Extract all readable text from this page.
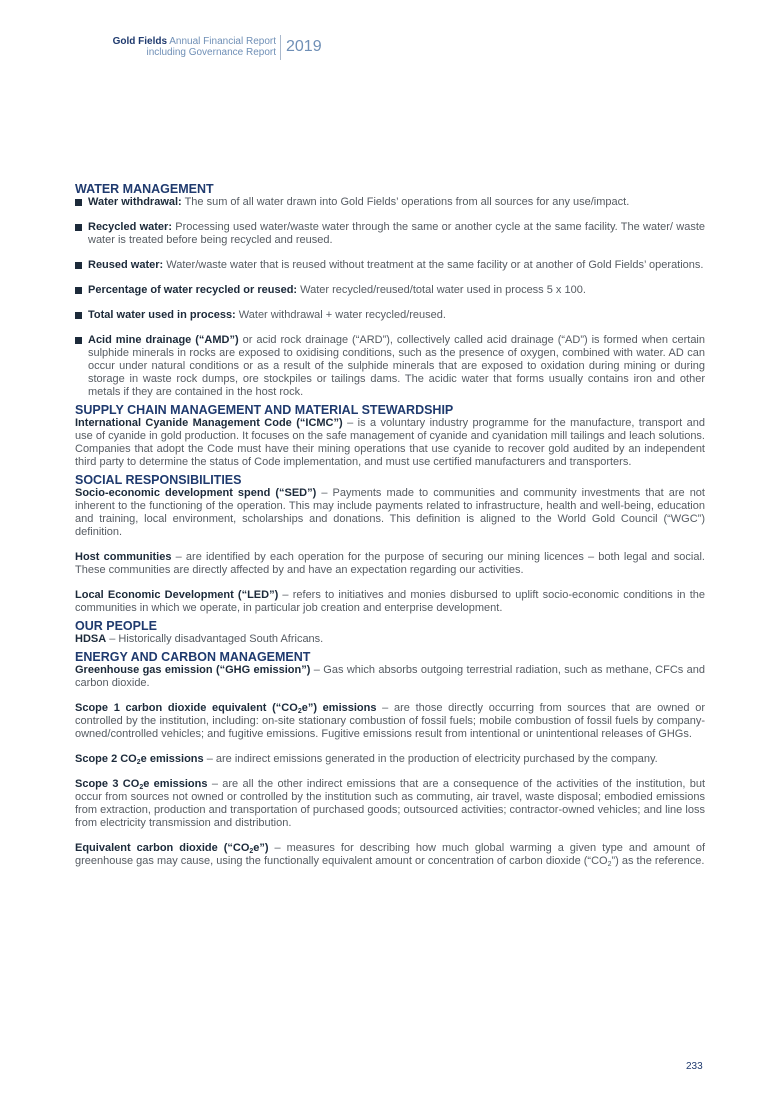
Gold Fields Annual Financial Report
including Governance Report 2019
WATER MANAGEMENT
Water withdrawal: The sum of all water drawn into Gold Fields’ operations from all sources for any use/impact.
Recycled water: Processing used water/waste water through the same or another cycle at the same facility. The water/ waste water is treated before being recycled and reused.
Reused water: Water/waste water that is reused without treatment at the same facility or at another of Gold Fields’ operations.
Percentage of water recycled or reused: Water recycled/reused/total water used in process 5 x 100.
Total water used in process: Water withdrawal + water recycled/reused.
Acid mine drainage (“AMD”) or acid rock drainage (“ARD”), collectively called acid drainage (“AD”) is formed when certain sulphide minerals in rocks are exposed to oxidising conditions, such as the presence of oxygen, combined with water. AD can occur under natural conditions or as a result of the sulphide minerals that are exposed to oxidation during mining or during storage in waste rock dumps, ore stockpiles or tailings dams. The acidic water that forms usually contains iron and other metals if they are contained in the host rock.
SUPPLY CHAIN MANAGEMENT AND MATERIAL STEWARDSHIP

International Cyanide Management Code (“ICMC”) – is a voluntary industry programme for the manufacture, transport and use of cyanide in gold production. It focuses on the safe management of cyanide and cyanidation mill tailings and leach solutions. Companies that adopt the Code must have their mining operations that use cyanide to recover gold audited by an independent third party to determine the status of Code implementation, and must use certified manufacturers and transporters.

SOCIAL RESPONSIBILITIES

Socio-economic development spend (“SED”) – Payments made to communities and community investments that are not inherent to the functioning of the operation. This may include payments related to infrastructure, health and well-being, education and training, local environment, scholarships and donations. This definition is aligned to the World Gold Council (“WGC”) definition.

Host communities – are identified by each operation for the purpose of securing our mining licences – both legal and social. These communities are directly affected by and have an expectation regarding our activities.

Local Economic Development (“LED”) – refers to initiatives and monies disbursed to uplift socio-economic conditions in the communities in which we operate, in particular job creation and enterprise development.

OUR PEOPLE

HDSA – Historically disadvantaged South Africans.

ENERGY AND CARBON MANAGEMENT

Greenhouse gas emission (“GHG emission”) – Gas which absorbs outgoing terrestrial radiation, such as methane, CFCs and carbon dioxide.

Scope 1 carbon dioxide equivalent $(“CO_2e”)$ emissions – are those directly occurring from sources that are owned or controlled by the institution, including: on-site stationary combustion of fossil fuels; mobile combustion of fossil fuels by company-owned/controlled vehicles; and fugitive emissions. Fugitive emissions result from intentional or unintentional releases of GHGs.

Scope 2 $CO_2e$ emissions – are indirect emissions generated in the production of electricity purchased by the company.

Scope 3 $CO_2e$ emissions – are all the other indirect emissions that are a consequence of the activities of the institution, but occur from sources not owned or controlled by the institution such as commuting, air travel, waste disposal; embodied emissions from extraction, production and transportation of purchased goods; outsourced activities; contractor-owned vehicles; and line loss from electricity transmission and distribution.

Equivalent carbon dioxide $(“CO_2e”)$ – measures for describing how much global warming a given type and amount of greenhouse gas may cause, using the functionally equivalent amount or concentration of carbon dioxide $(“CO_2”)$ as the reference.

233
